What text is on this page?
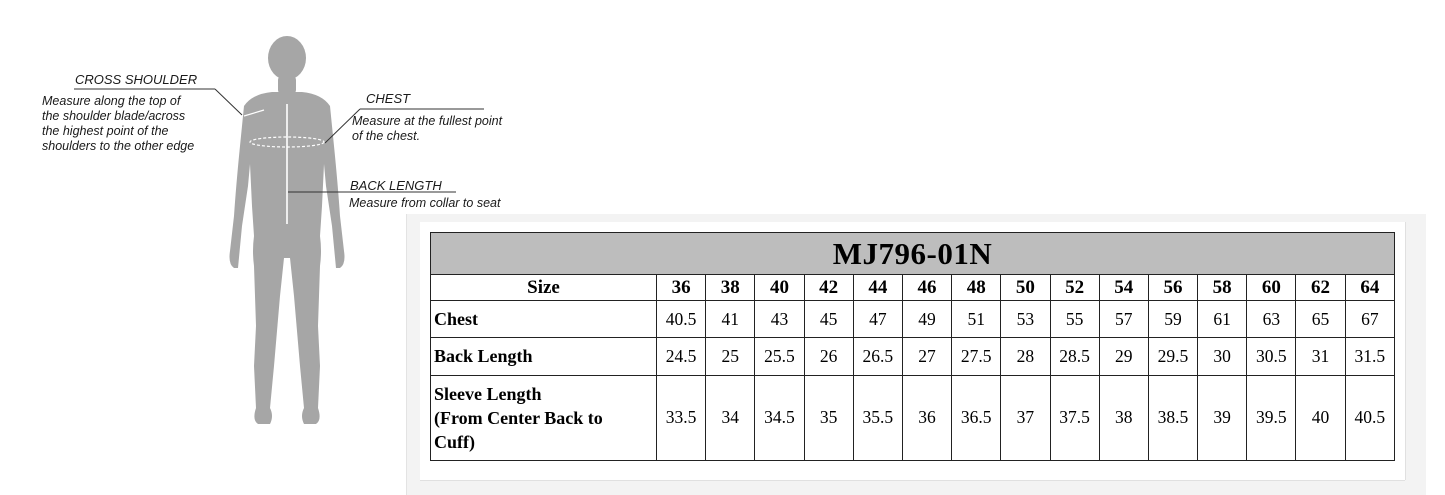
CROSS SHOULDER
Measure along the top of
the shoulder blade/across
the highest point of the
shoulders to the other edge
CHEST
Measure at the fullest point
of the chest.
BACK LENGTH
Measure from collar to seat
MJ796-01N															
Size	36	38	40	42	44	46	48	50	52	54	56	58	60	62	64
Chest	40.5	41	43	45	47	49	51	53	55	57	59	61	63	65	67
Back Length	24.5	25	25.5	26	26.5	27	27.5	28	28.5	29	29.5	30	30.5	31	31.5

Sleeve Length
(From Center Back to
Cuff)	33.5	34	34.5	35	35.5	36	36.5	37	37.5	38	38.5	39	39.5	40	40.5
